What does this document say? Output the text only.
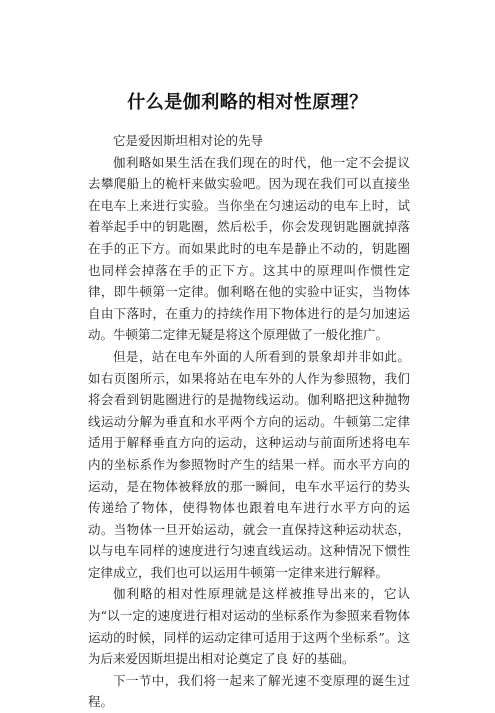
什么是伽利略的相对性原理？

它是爱因斯坦相对论的先导

伽利略如果生活在我们现在的时代，他一定不会提议去攀爬船上的桅杆来做实验吧。因为现在我们可以直接坐在电车上来进行实验。当你坐在匀速运动的电车上时，试着举起手中的钥匙圈，然后松手，你会发现钥匙圈就掉落在手的正下方。而如果此时的电车是静止不动的，钥匙圈也同样会掉落在手的正下方。这其中的原理叫作惯性定律，即牛顿第一定律。伽利略在他的实验中证实，当物体自由下落时，在重力的持续作用下物体进行的是匀加速运动。牛顿第二定律无疑是将这个原理做了一般化推广。

但是，站在电车外面的人所看到的景象却并非如此。如右页图所示，如果将站在电车外的人作为参照物，我们将会看到钥匙圈进行的是抛物线运动。伽利略把这种抛物线运动分解为垂直和水平两个方向的运动。牛顿第二定律适用于解释垂直方向的运动，这种运动与前面所述将电车内的坐标系作为参照物时产生的结果一样。而水平方向的运动，是在物体被释放的那一瞬间，电车水平运行的势头传递给了物体，使得物体也跟着电车进行水平方向的运动。当物体一旦开始运动，就会一直保持这种运动状态，以与电车同样的速度进行匀速直线运动。这种情况下惯性定律成立，我们也可以运用牛顿第一定律来进行解释。

伽利略的相对性原理就是这样被推导出来的，它认为“以一定的速度进行相对运动的坐标系作为参照来看物体运动的时候，同样的运动定律可适用于这两个坐标系”。这为后来爱因斯坦提出相对论奠定了良 好的基础。

下一节中，我们将一起来了解光速不变原理的诞生过程。
